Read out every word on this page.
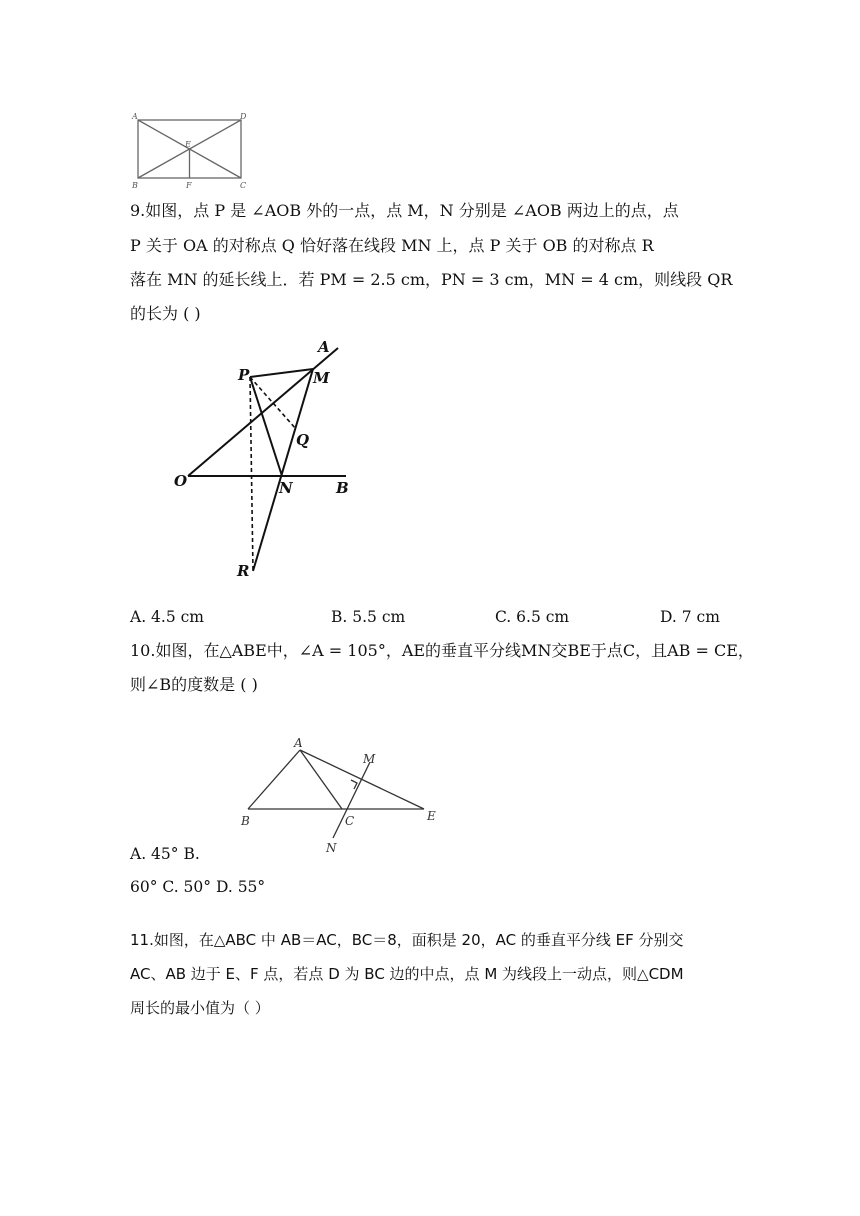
A	D
E
B	F	C
9.如图，点 P 是 ∠AOB 外的一点，点 M，N 分别是 ∠AOB 两边上的点，点
P 关于 OA 的对称点 Q 恰好落在线段 MN 上，点 P 关于 OB 的对称点 R
落在 MN 的延长线上．若 PM = 2.5 cm，PN = 3 cm，MN = 4 cm，则线段 QR
的长为 ( )
A
P	M
Q
O	N	B
R
A. 4.5 cm	B. 5.5 cm	C. 6.5 cm	D. 7 cm
10.如图，在△ABE中，∠A = 105°，AE的垂直平分线MN交BE于点C，且AB = CE，
则∠B的度数是 ( )
A
M
B	C	E
N
A. 45° B.
60° C. 50° D. 55°
11.如图，在△ABC 中 AB＝AC，BC＝8，面积是 20，AC 的垂直平分线 EF 分别交
AC、AB 边于 E、F 点，若点 D 为 BC 边的中点，点 M 为线段上一动点，则△CDM
周长的最小值为（ ）
